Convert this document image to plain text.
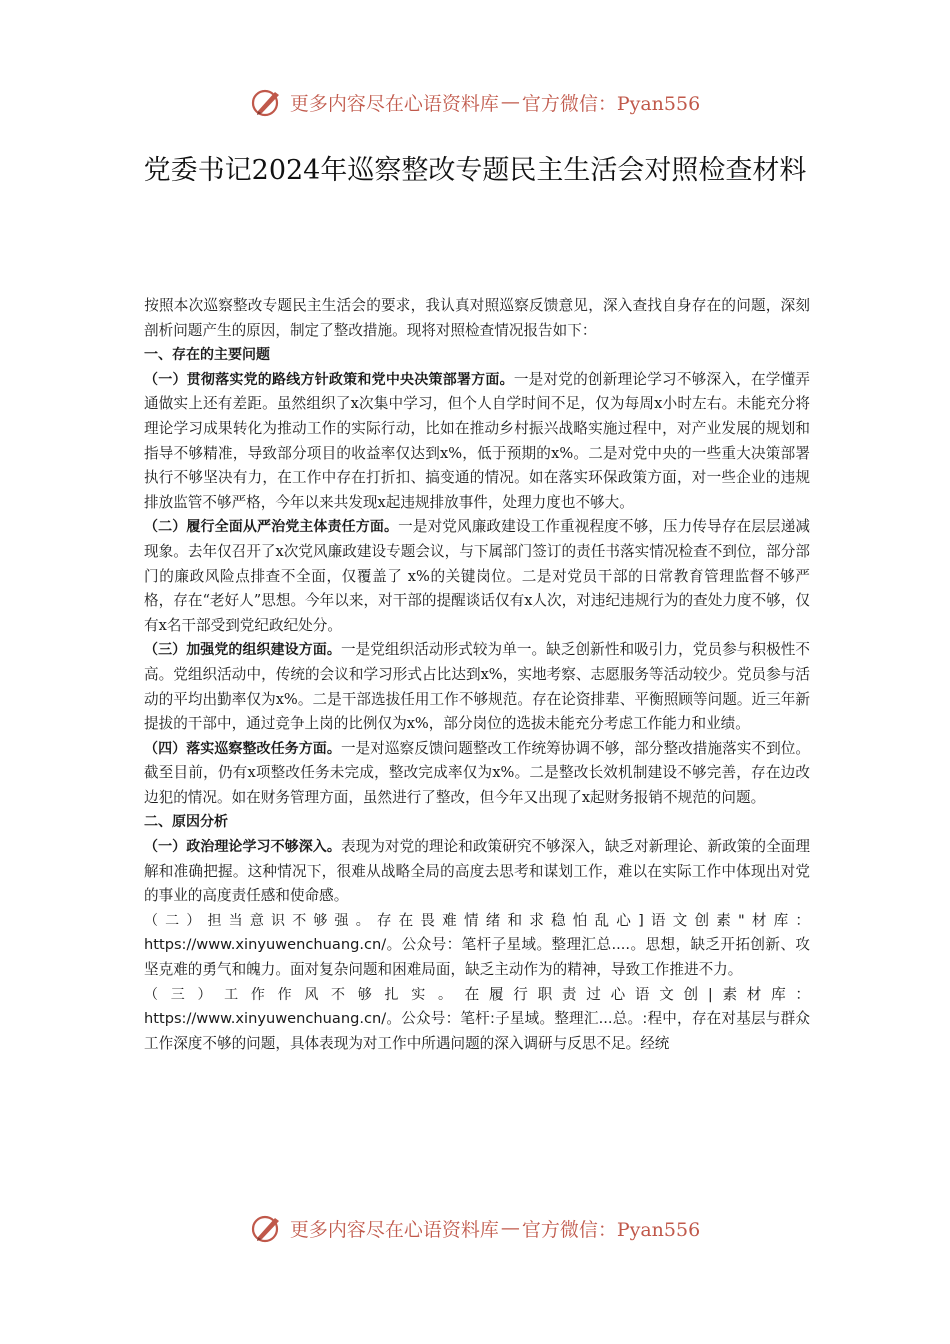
更多内容尽在心语资料库 — 官方微信：Pyan556
党委书记2024年巡察整改专题民主生活会对照检查材料

按照本次巡察整改专题民主生活会的要求，我认真对照巡察反馈意见，深入查找自身存在的问题，深刻剖析问题产生的原因，制定了整改措施。现将对照检查情况报告如下：

一、存在的主要问题

（一）贯彻落实党的路线方针政策和党中央决策部署方面。一是对党的创新理论学习不够深入，在学懂弄通做实上还有差距。虽然组织了x次集中学习，但个人自学时间不足，仅为每周x小时左右。未能充分将理论学习成果转化为推动工作的实际行动，比如在推动乡村振兴战略实施过程中，对产业发展的规划和指导不够精准，导致部分项目的收益率仅达到x%，低于预期的x%。二是对党中央的一些重大决策部署执行不够坚决有力，在工作中存在打折扣、搞变通的情况。如在落实环保政策方面，对一些企业的违规排放监管不够严格，今年以来共发现x起违规排放事件，处理力度也不够大。

（二）履行全面从严治党主体责任方面。一是对党风廉政建设工作重视程度不够，压力传导存在层层递减现象。去年仅召开了x次党风廉政建设专题会议，与下属部门签订的责任书落实情况检查不到位，部分部门的廉政风险点排查不全面，仅覆盖了 x%的关键岗位。二是对党员干部的日常教育管理监督不够严格，存在“老好人”思想。今年以来，对干部的提醒谈话仅有x人次，对违纪违规行为的查处力度不够，仅有x名干部受到党纪政纪处分。

（三）加强党的组织建设方面。一是党组织活动形式较为单一。缺乏创新性和吸引力，党员参与积极性不高。党组织活动中，传统的会议和学习形式占比达到x%，实地考察、志愿服务等活动较少。党员参与活动的平均出勤率仅为x%。二是干部选拔任用工作不够规范。存在论资排辈、平衡照顾等问题。近三年新提拔的干部中，通过竞争上岗的比例仅为x%，部分岗位的选拔未能充分考虑工作能力和业绩。

（四）落实巡察整改任务方面。一是对巡察反馈问题整改工作统筹协调不够，部分整改措施落实不到位。截至目前，仍有x项整改任务未完成，整改完成率仅为x%。二是整改长效机制建设不够完善，存在边改边犯的情况。如在财务管理方面，虽然进行了整改，但今年又出现了x起财务报销不规范的问题。

二、原因分析

（一）政治理论学习不够深入。表现为对党的理论和政策研究不够深入，缺乏对新理论、新政策的全面理解和准确把握。这种情况下，很难从战略全局的高度去思考和谋划工作，难以在实际工作中体现出对党的事业的高度责任感和使命感。

（二）担当意识不够强。存在畏难情绪和求稳怕乱心]语文创素"材库： https://www.xinyuwenchuang.cn/。公众号：笔杆子星域。整理汇总....。思想，缺乏开拓创新、攻坚克难的勇气和魄力。面对复杂问题和困难局面，缺乏主动作为的精神，导致工作推进不力。

（三）工作作风不够扎实。在履行职责过心语文创|素材库： https://www.xinyuwenchuang.cn/。公众号：笔杆:子星域。整理汇...总。:程中，存在对基层与群众工作深度不够的问题，具体表现为对工作中所遇问题的深入调研与反思不足。经统

更多内容尽在心语资料库 — 官方微信：Pyan556
